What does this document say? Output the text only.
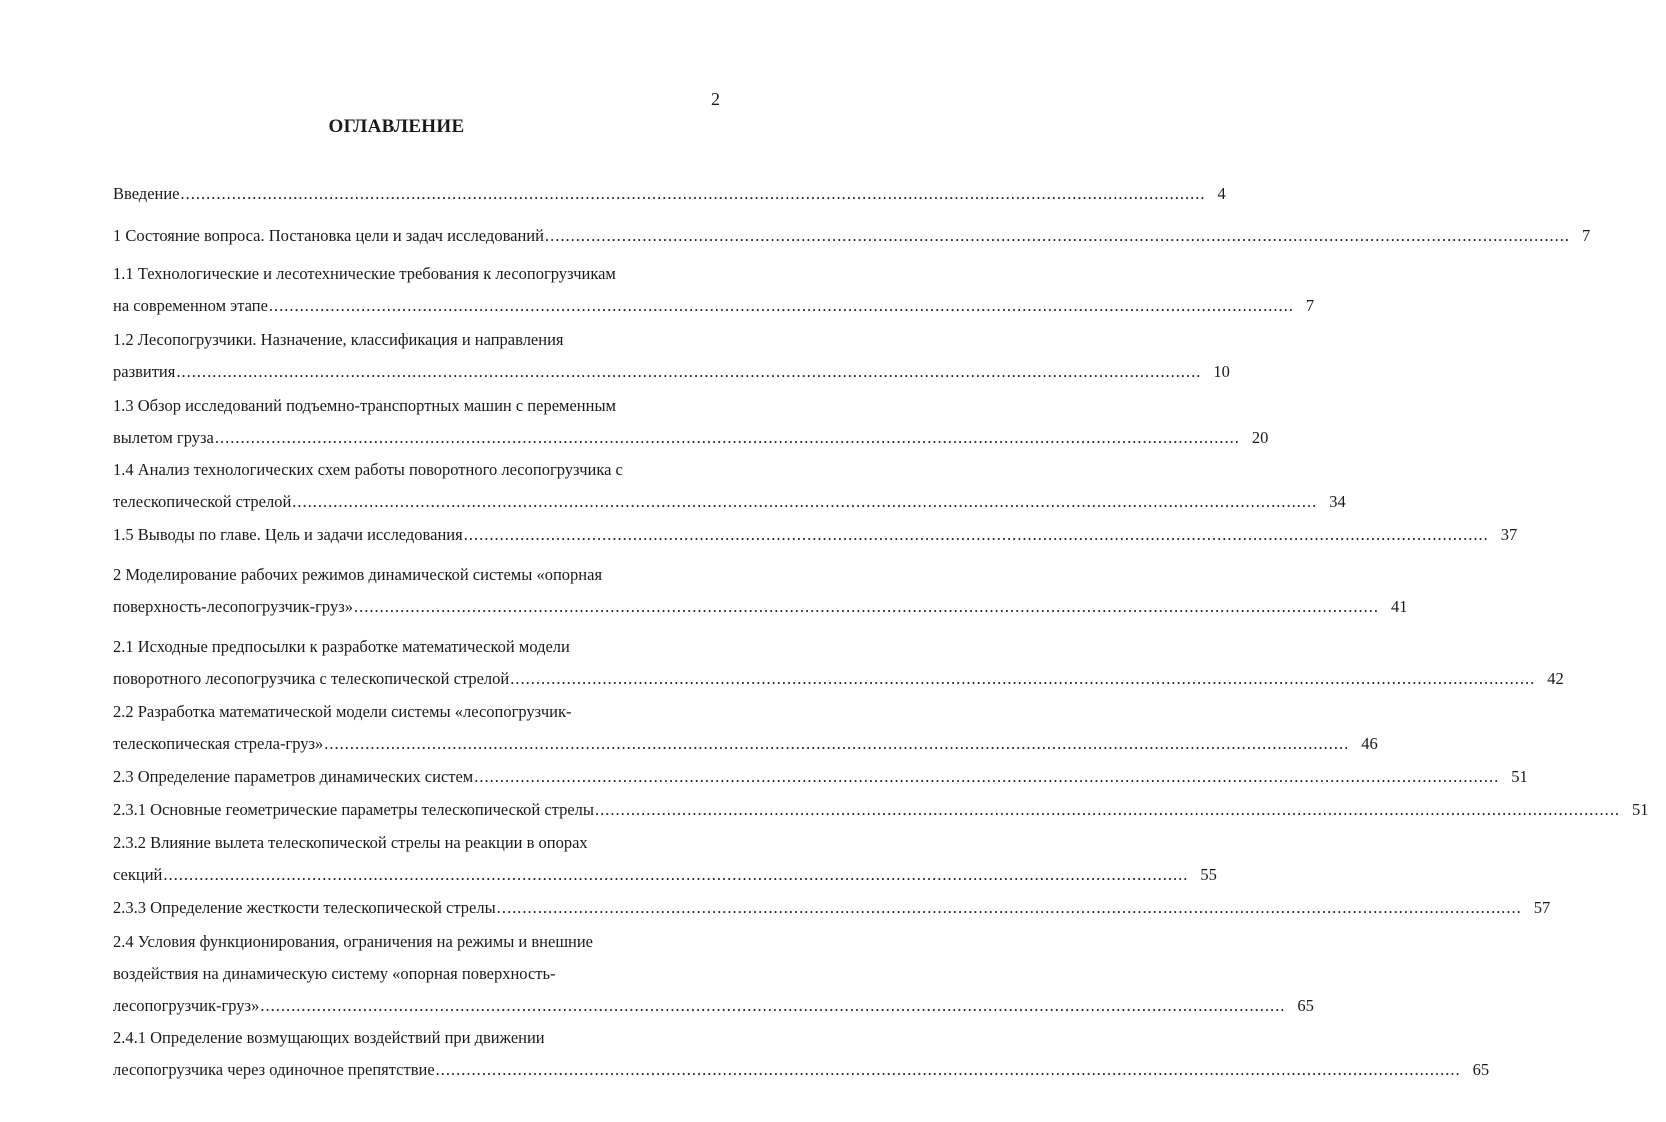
2
ОГЛАВЛЕНИЕ
Введение ........................................................................................................................................................................................................ 4
1 Состояние вопроса. Постановка цели и задач исследований ........................................................................................................................................................................................................ 7
1.1 Технологические и лесотехнические требования к лесопогрузчикам
на современном этапе ........................................................................................................................................................................................................ 7
1.2 Лесопогрузчики. Назначение, классификация и направления
развития ........................................................................................................................................................................................................ 10
1.3 Обзор исследований подъемно-транспортных машин с переменным
вылетом груза ........................................................................................................................................................................................................ 20
1.4 Анализ технологических схем работы поворотного лесопогрузчика с
телескопической стрелой ........................................................................................................................................................................................................ 34
1.5 Выводы по главе. Цель и задачи исследования ........................................................................................................................................................................................................ 37
2 Моделирование рабочих режимов динамической системы «опорная
поверхность-лесопогрузчик-груз» ........................................................................................................................................................................................................ 41
2.1 Исходные предпосылки к разработке математической модели
поворотного лесопогрузчика с телескопической стрелой ........................................................................................................................................................................................................ 42
2.2 Разработка математической модели системы «лесопогрузчик-
телескопическая стрела-груз» ........................................................................................................................................................................................................ 46
2.3 Определение параметров динамических систем ........................................................................................................................................................................................................ 51
2.3.1 Основные геометрические параметры телескопической стрелы ........................................................................................................................................................................................................ 51
2.3.2 Влияние вылета телескопической стрелы на реакции в опорах
секций ........................................................................................................................................................................................................ 55
2.3.3 Определение жесткости телескопической стрелы ........................................................................................................................................................................................................ 57
2.4 Условия функционирования, ограничения на режимы и внешние
воздействия на динамическую систему «опорная поверхность-
лесопогрузчик-груз» ........................................................................................................................................................................................................ 65
2.4.1 Определение возмущающих воздействий при движении
лесопогрузчика через одиночное препятствие ........................................................................................................................................................................................................ 65
